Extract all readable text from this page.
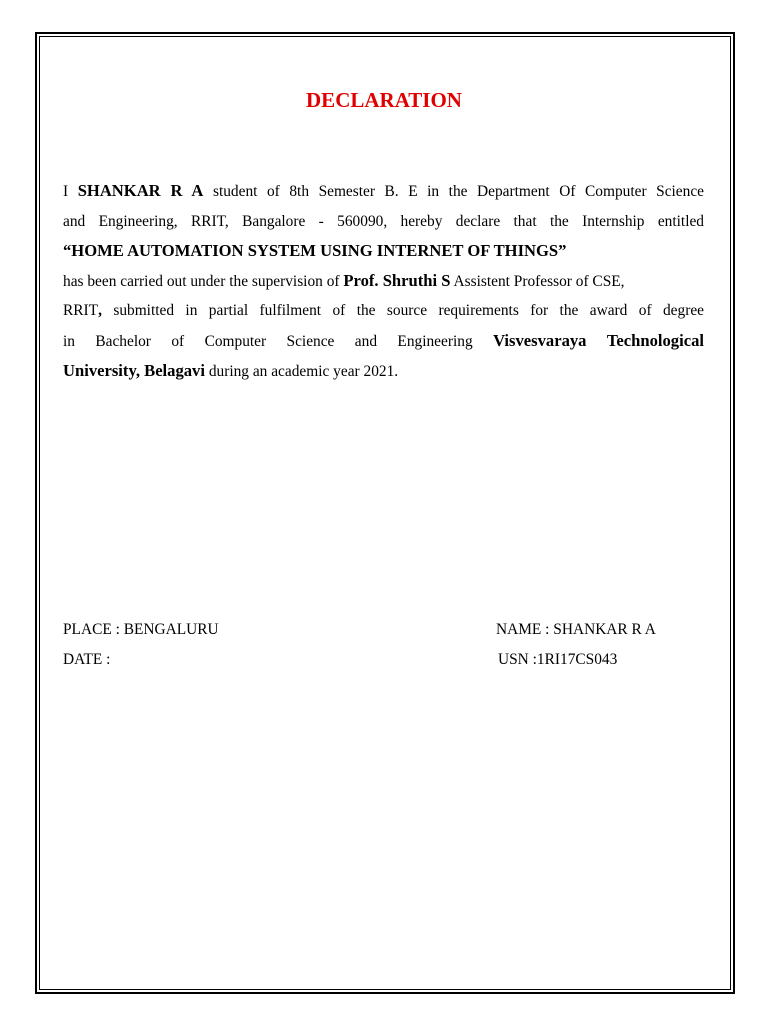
DECLARATION
I SHANKAR R A student of 8th Semester B. E in the Department Of Computer Science
and Engineering, RRIT, Bangalore - 560090, hereby declare that the Internship entitled
“HOME AUTOMATION SYSTEM USING INTERNET OF THINGS”
has been carried out under the supervision of Prof. Shruthi S Assistent Professor of CSE,
RRIT, submitted in partial fulfilment of the source requirements for the award of degree
in Bachelor of Computer Science and Engineering Visvesvaraya Technological
University, Belagavi during an academic year 2021.
PLACE : BENGALURU
DATE :
NAME : SHANKAR R A
USN :1RI17CS043
